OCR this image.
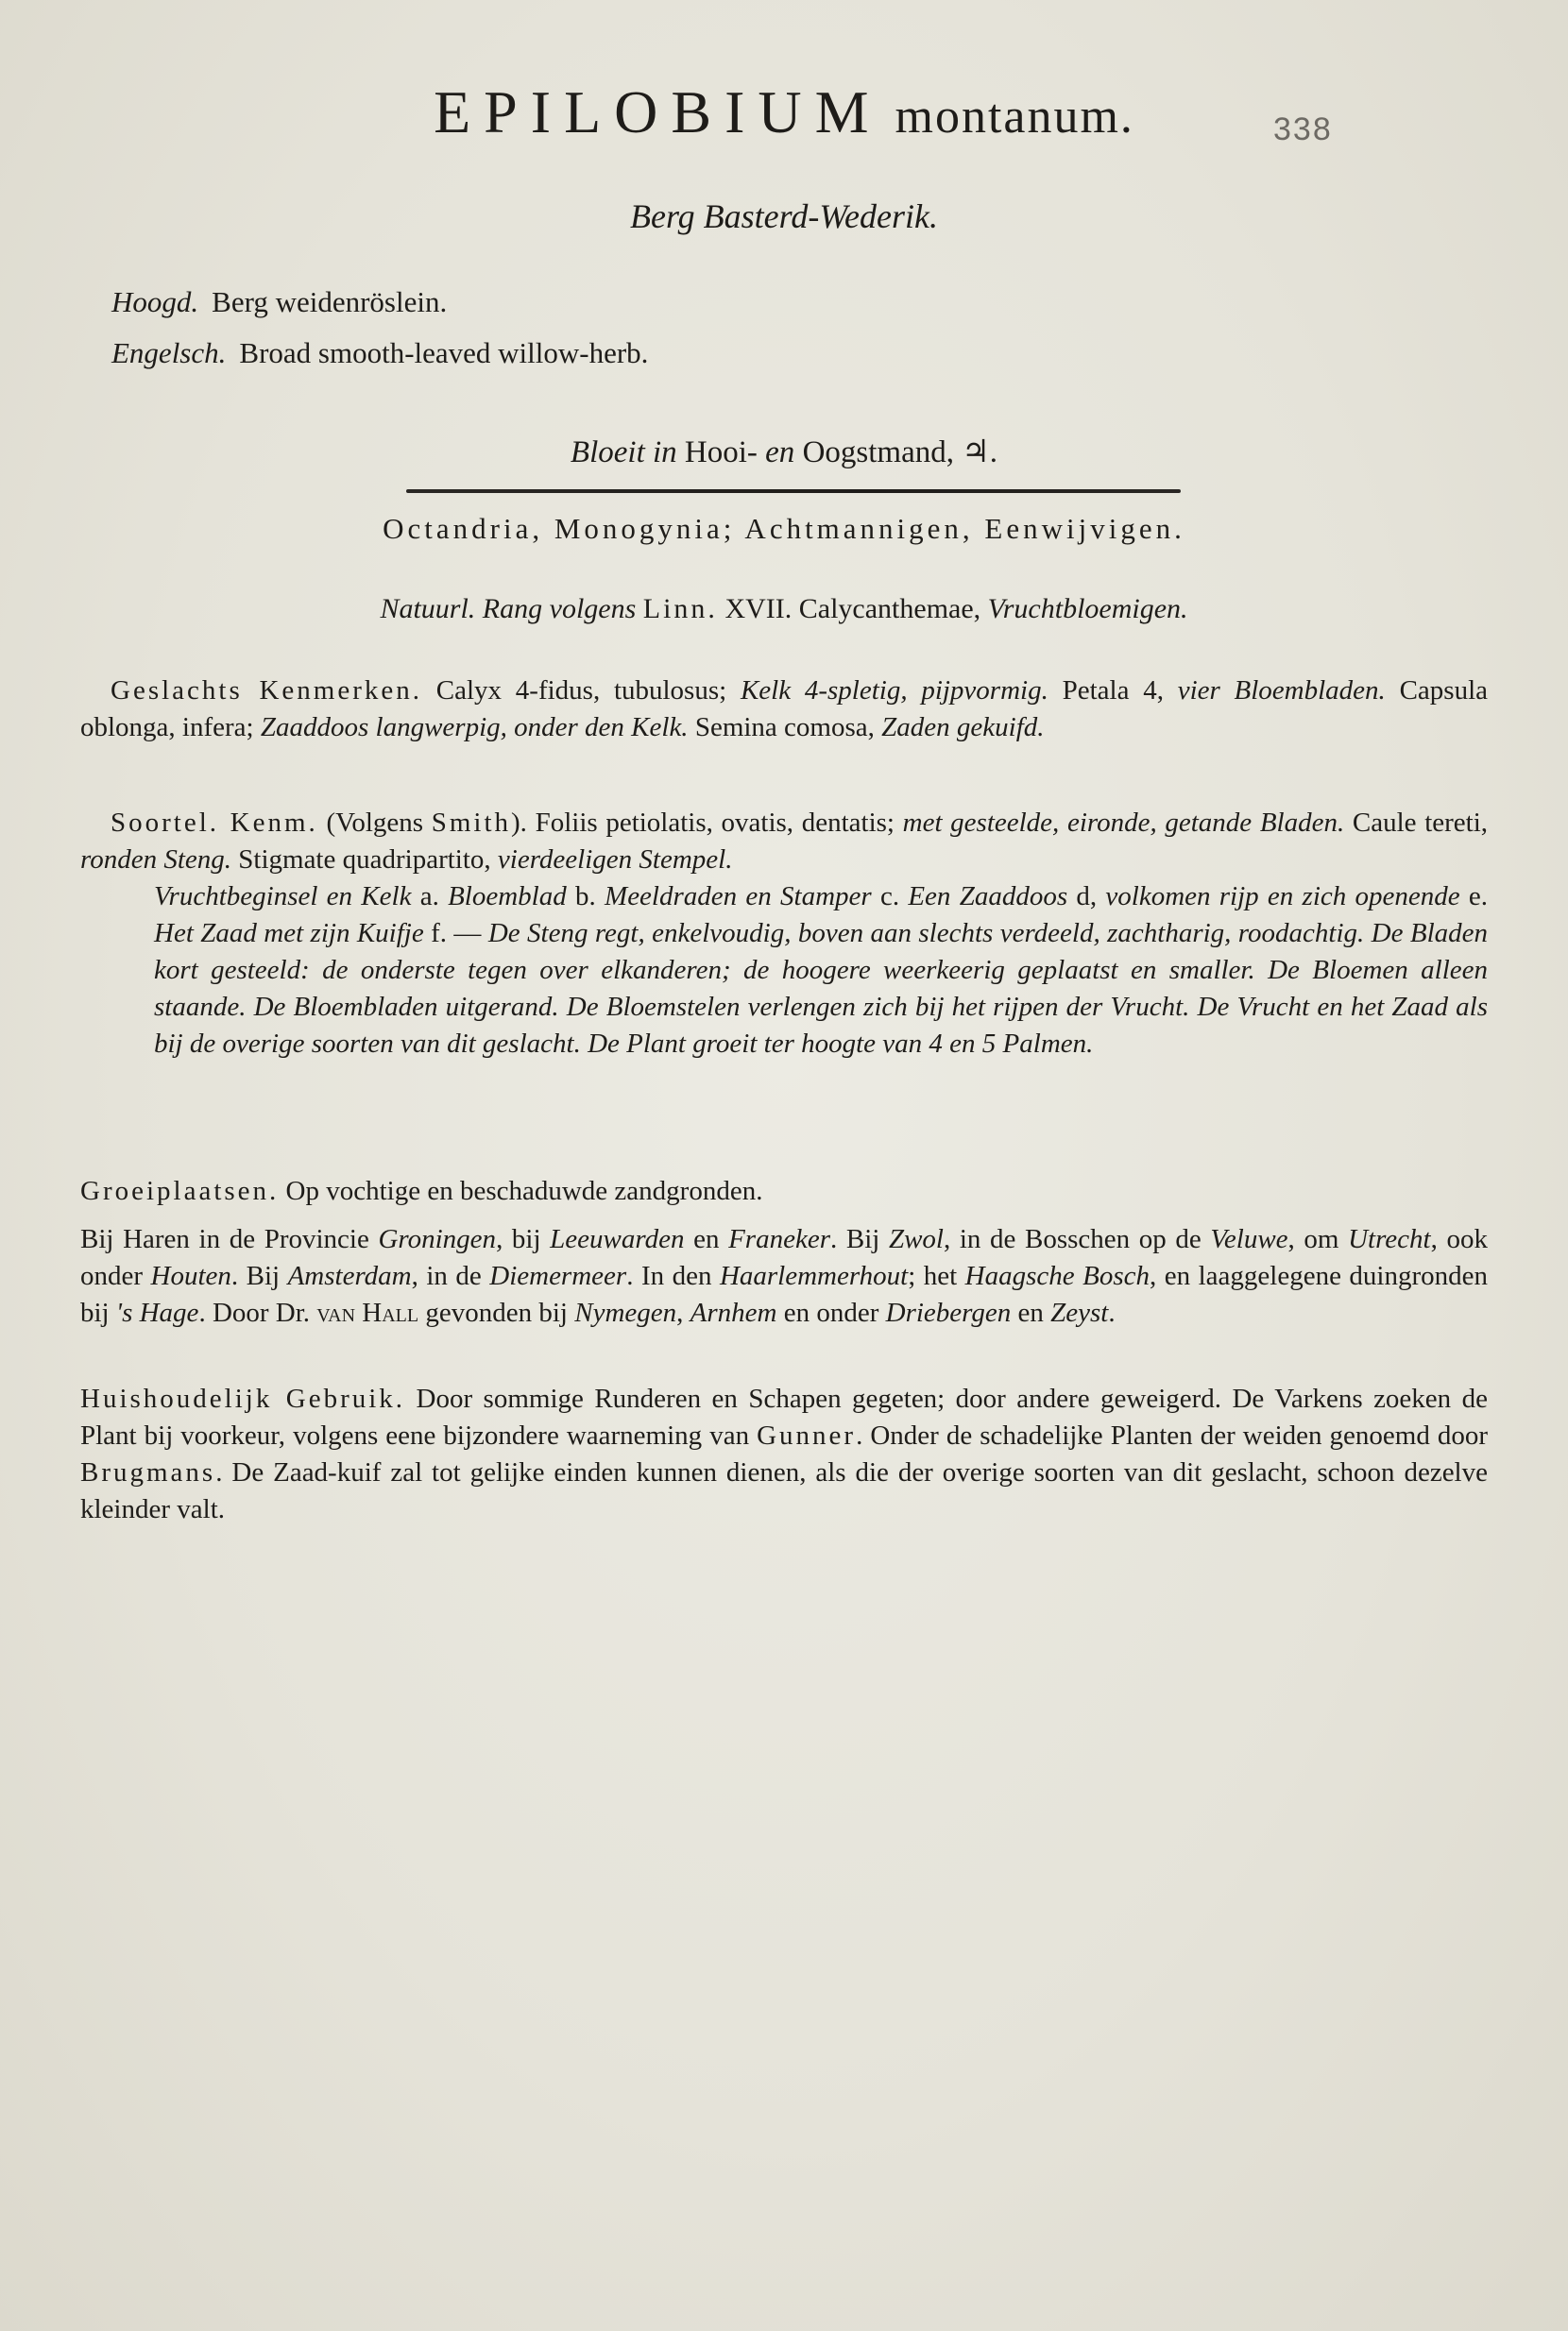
EPILOBIUM montanum.	338
Berg Basterd-Wederik.
Hoogd. Berg weidenröslein.
Engelsch. Broad smooth-leaved willow-herb.
Bloeit in Hooi- en Oogstmand, ♃.
Octandria, Monogynia; Achtmannigen, Eenwijvigen.
Natuurl. Rang volgens Linn. XVII. Calycanthemae, Vruchtbloemigen.

Geslachts Kenmerken. Calyx 4-fidus, tubulosus; Kelk 4-spletig, pijpvormig. Petala 4, vier Bloembladen. Capsula oblonga, infera; Zaaddoos langwerpig, onder den Kelk. Semina comosa, Zaden gekuifd.

Soortel. Kenm. (Volgens Smith). Foliis petiolatis, ovatis, dentatis; met gesteelde, eironde, getande Bladen. Caule tereti, ronden Steng. Stigmate quadripartito, vierdeeligen Stempel.

Vruchtbeginsel en Kelk a. Bloemblad b. Meeldraden en Stamper c. Een Zaaddoos d, volkomen rijp en zich openende e. Het Zaad met zijn Kuifje f. — De Steng regt, enkelvoudig, boven aan slechts verdeeld, zachtharig, roodachtig. De Bladen kort gesteeld: de onderste tegen over elkanderen; de hoogere weerkeerig geplaatst en smaller. De Bloemen alleen staande. De Bloembladen uitgerand. De Bloemstelen verlengen zich bij het rijpen der Vrucht. De Vrucht en het Zaad als bij de overige soorten van dit geslacht. De Plant groeit ter hoogte van 4 en 5 Palmen.

Groeiplaatsen. Op vochtige en beschaduwde zandgronden.

Bij Haren in de Provincie Groningen, bij Leeuwarden en Franeker. Bij Zwol, in de Bosschen op de Veluwe, om Utrecht, ook onder Houten. Bij Amsterdam, in de Diemermeer. In den Haarlemmerhout; het Haagsche Bosch, en laaggelegene duingronden bij 's Hage. Door Dr. van Hall gevonden bij Nymegen, Arnhem en onder Driebergen en Zeyst.

Huishoudelijk Gebruik. Door sommige Runderen en Schapen gegeten; door andere geweigerd. De Varkens zoeken de Plant bij voorkeur, volgens eene bijzondere waarneming van Gunner. Onder de schadelijke Planten der weiden genoemd door Brugmans. De Zaad-kuif zal tot gelijke einden kunnen dienen, als die der overige soorten van dit geslacht, schoon dezelve kleinder valt.
